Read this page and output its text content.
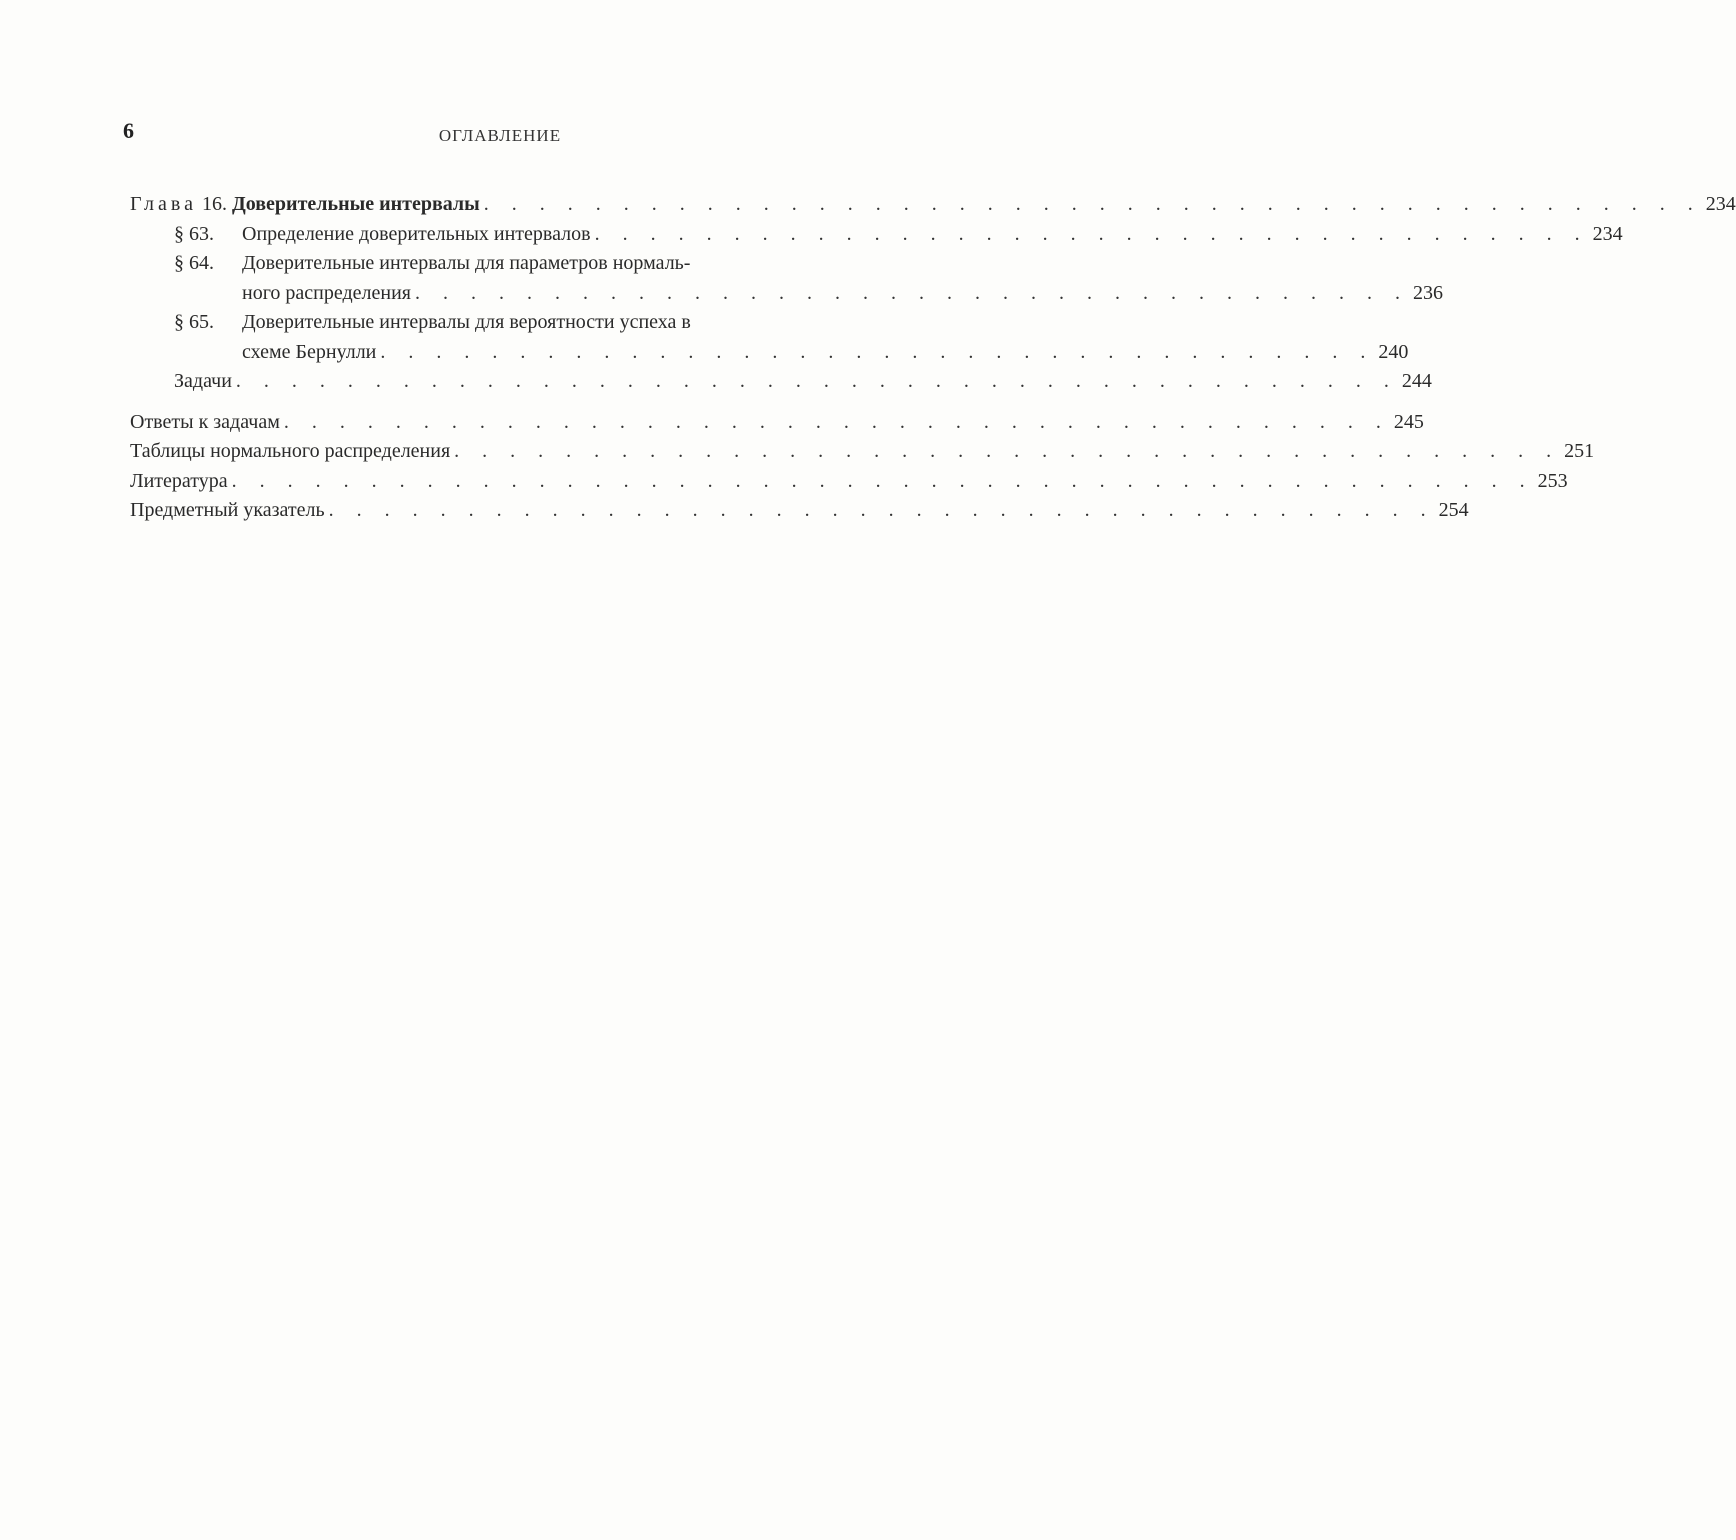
6	ОГЛАВЛЕНИЕ
Глава 16. Доверительные интервалы . . . . . . . . . . . . . . . . . . . . . . . . . . . . . . . . . . . . . . . . . . . . 234
§ 63. Определение доверительных интервалов . . . . . . . . . . . . . . . . . . . . . . . . . . . . . . . . . . . . 234
§ 64. Доверительные интервалы для параметров нормаль-
ного распределения . . . . . . . . . . . . . . . . . . . . . . . . . . . . . . . . . . . . 236
§ 65. Доверительные интервалы для вероятности успеха в
схеме Бернулли . . . . . . . . . . . . . . . . . . . . . . . . . . . . . . . . . . . . 240
Задачи . . . . . . . . . . . . . . . . . . . . . . . . . . . . . . . . . . . . . . . . . . 244
Ответы к задачам . . . . . . . . . . . . . . . . . . . . . . . . . . . . . . . . . . . . . . . . 245
Таблицы нормального распределения . . . . . . . . . . . . . . . . . . . . . . . . . . . . . . . . . . . . . . . . 251
Литература . . . . . . . . . . . . . . . . . . . . . . . . . . . . . . . . . . . . . . . . . . . . . . . 253
Предметный указатель . . . . . . . . . . . . . . . . . . . . . . . . . . . . . . . . . . . . . . . . 254
